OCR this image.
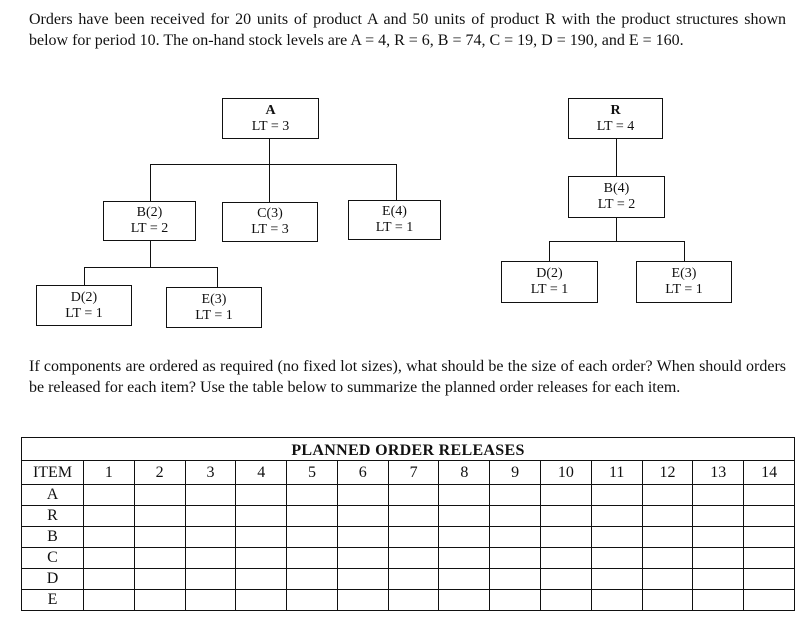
Orders have been received for 20 units of product A and 50 units of product R with the product structures shown below for period 10. The on-hand stock levels are A = 4, R = 6, B = 74, C = 19, D = 190, and E = 160.

A
LT = 3
B(2)
LT = 2
C(3)
LT = 3
E(4)
LT = 1
D(2)
LT = 1
E(3)
LT = 1
R
LT = 4
B(4)
LT = 2
D(2)
LT = 1
E(3)
LT = 1

If components are ordered as required (no fixed lot sizes), what should be the size of each order? When should orders be released for each item? Use the table below to summarize the planned order releases for each item.

PLANNED ORDER RELEASES														
ITEM	1	2	3	4	5	6	7	8	9	10	11	12	13	14
A														
R														
B														
C														
D														
E														
